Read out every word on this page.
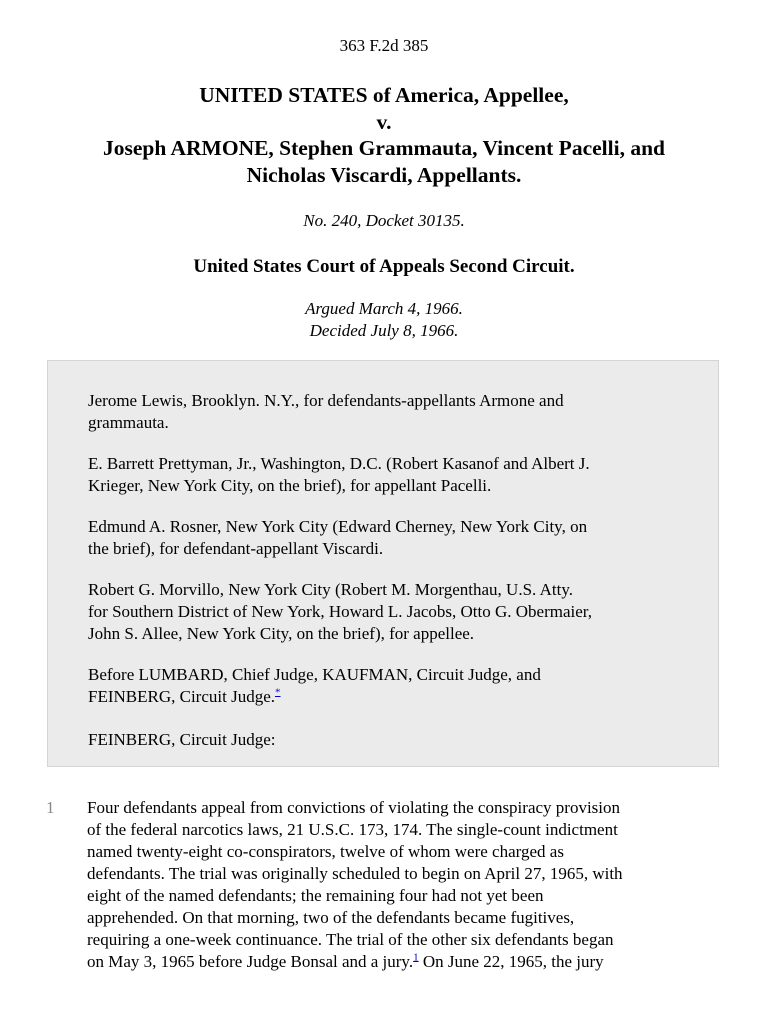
363 F.2d 385
UNITED STATES of America, Appellee,
v.
Joseph ARMONE, Stephen Grammauta, Vincent Pacelli, and
Nicholas Viscardi, Appellants.
No. 240, Docket 30135.
United States Court of Appeals Second Circuit.
Argued March 4, 1966.
Decided July 8, 1966.
Jerome Lewis, Brooklyn. N.Y., for defendants-appellants Armone and
grammauta.
E. Barrett Prettyman, Jr., Washington, D.C. (Robert Kasanof and Albert J.
Krieger, New York City, on the brief), for appellant Pacelli.
Edmund A. Rosner, New York City (Edward Cherney, New York City, on
the brief), for defendant-appellant Viscardi.
Robert G. Morvillo, New York City (Robert M. Morgenthau, U.S. Atty.
for Southern District of New York, Howard L. Jacobs, Otto G. Obermaier,
John S. Allee, New York City, on the brief), for appellee.
Before LUMBARD, Chief Judge, KAUFMAN, Circuit Judge, and
FEINBERG, Circuit Judge.*
FEINBERG, Circuit Judge:
1 Four defendants appeal from convictions of violating the conspiracy provision
of the federal narcotics laws, 21 U.S.C. 173, 174. The single-count indictment
named twenty-eight co-conspirators, twelve of whom were charged as
defendants. The trial was originally scheduled to begin on April 27, 1965, with
eight of the named defendants; the remaining four had not yet been
apprehended. On that morning, two of the defendants became fugitives,
requiring a one-week continuance. The trial of the other six defendants began
on May 3, 1965 before Judge Bonsal and a jury.$^1$ On June 22, 1965, the jury
